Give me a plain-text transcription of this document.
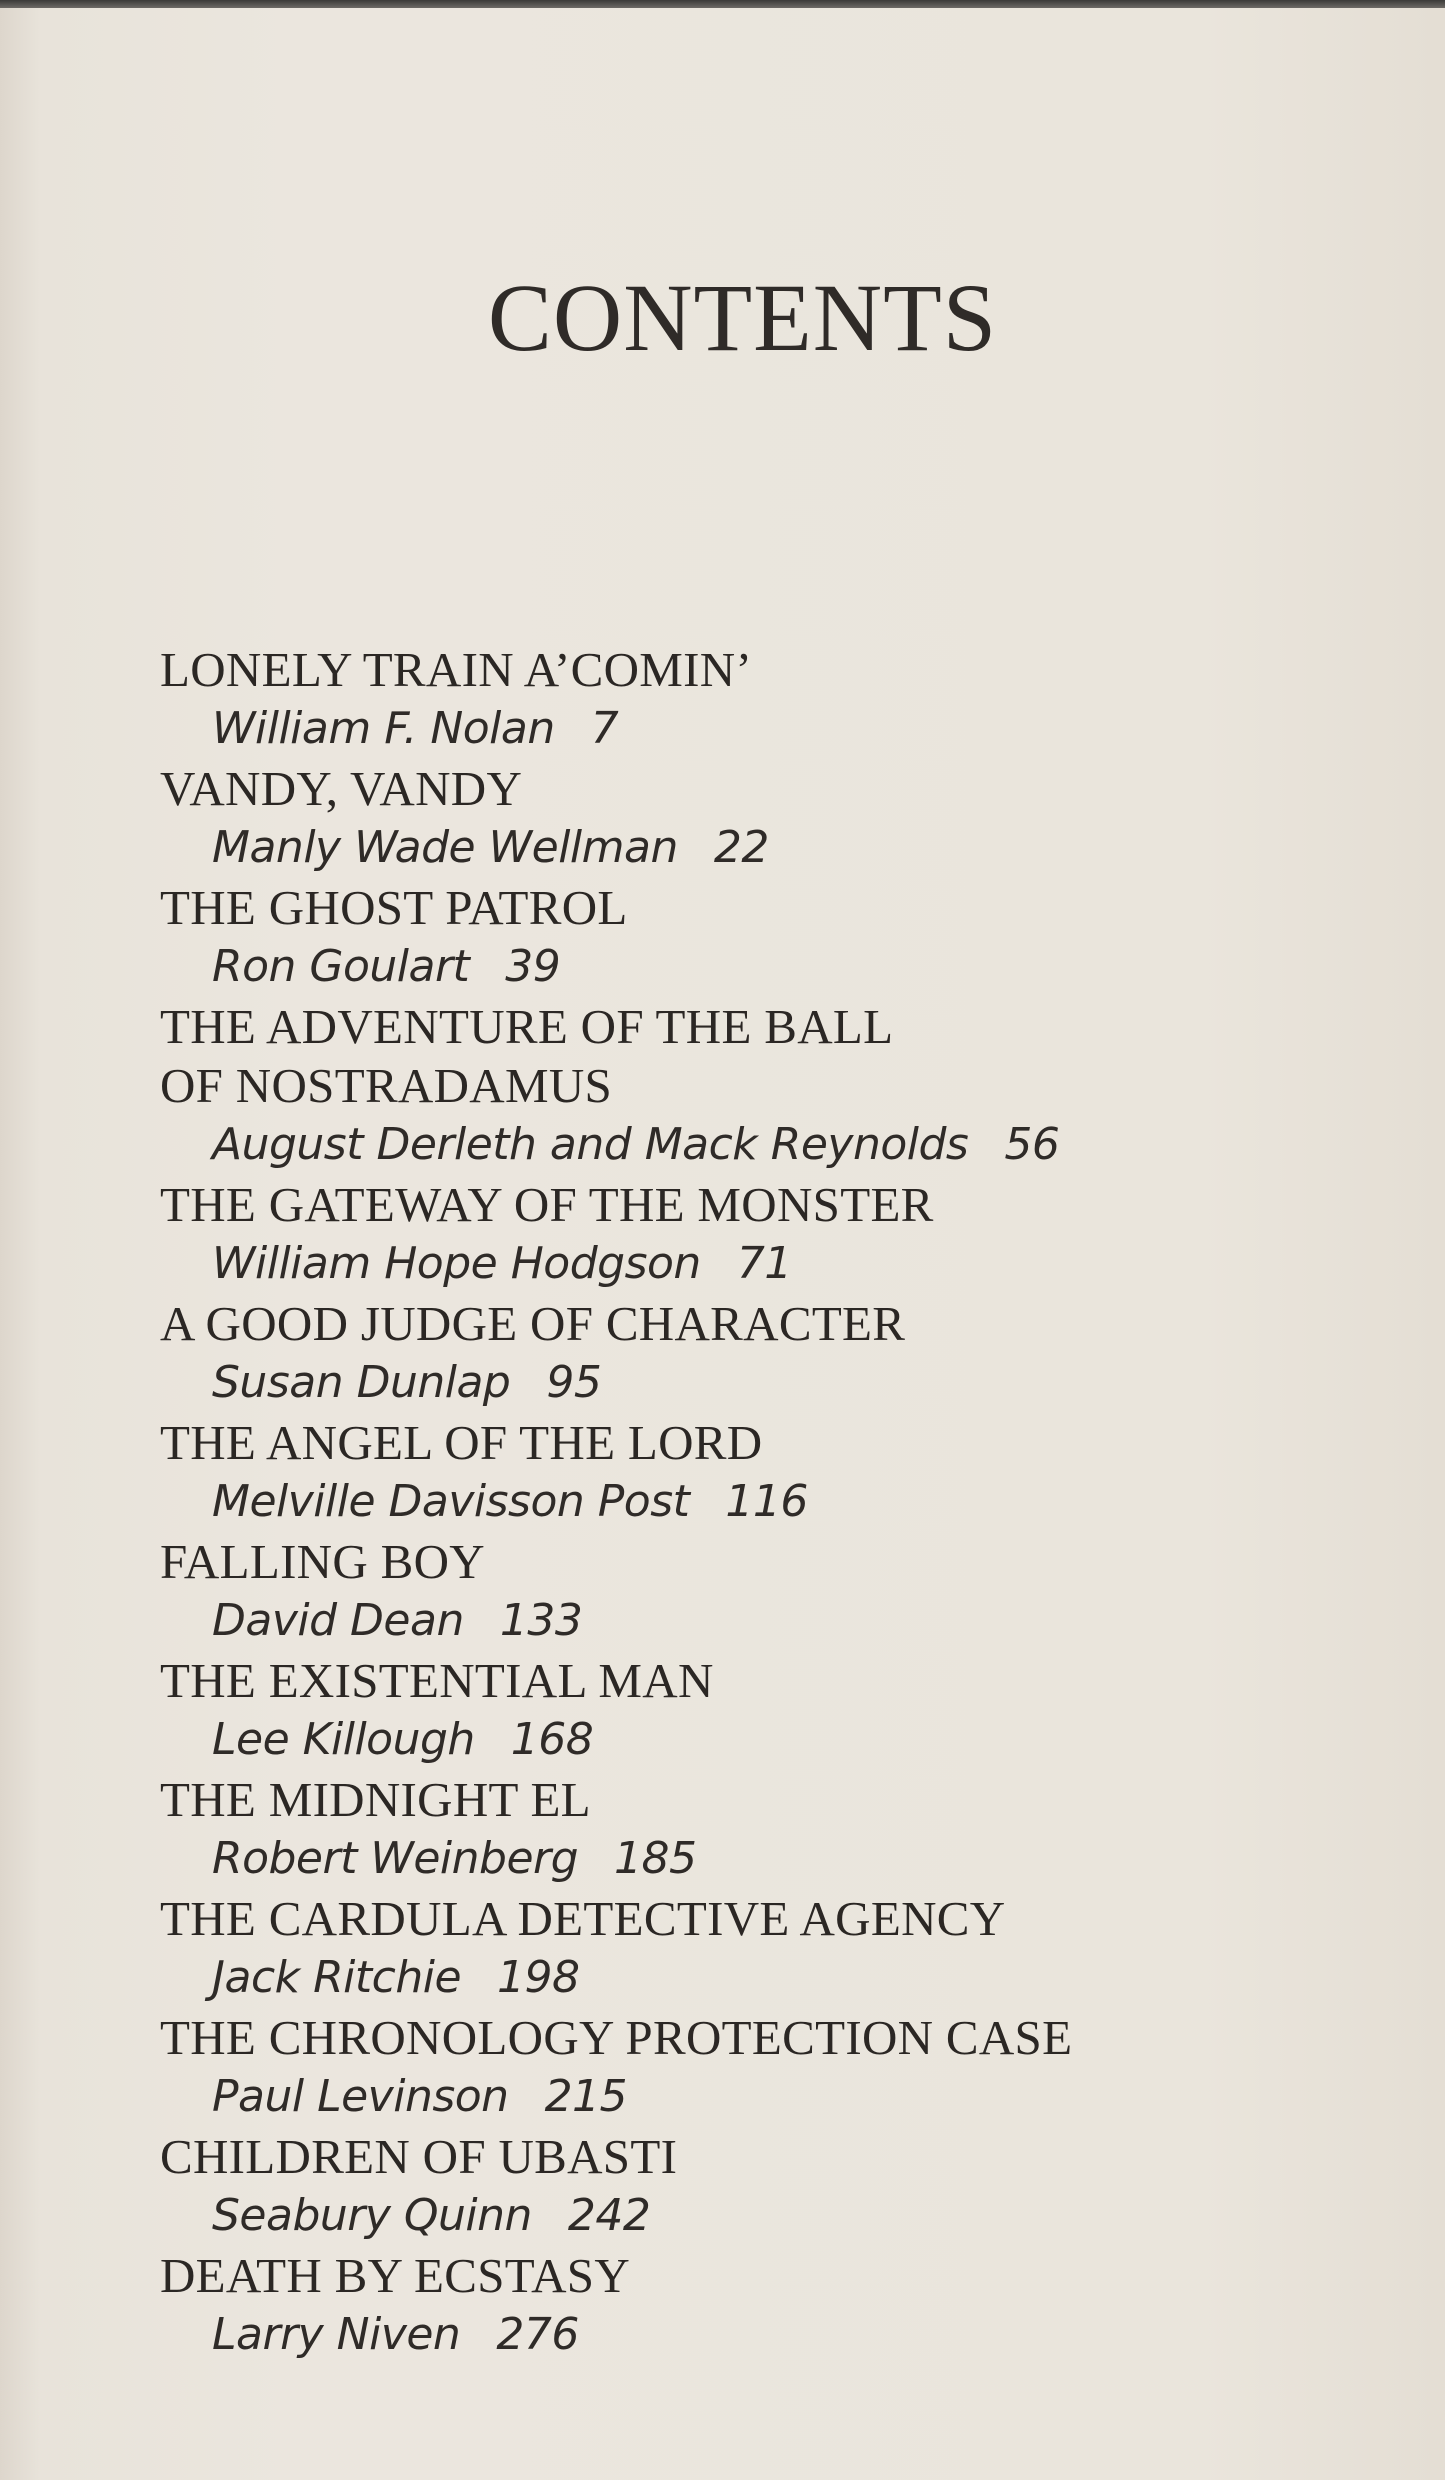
CONTENTS
LONELY TRAIN A’COMIN’
William F. Nolan 7
VANDY, VANDY
Manly Wade Wellman 22
THE GHOST PATROL
Ron Goulart 39
THE ADVENTURE OF THE BALL
OF NOSTRADAMUS
August Derleth and Mack Reynolds 56
THE GATEWAY OF THE MONSTER
William Hope Hodgson 71
A GOOD JUDGE OF CHARACTER
Susan Dunlap 95
THE ANGEL OF THE LORD
Melville Davisson Post 116
FALLING BOY
David Dean 133
THE EXISTENTIAL MAN
Lee Killough 168
THE MIDNIGHT EL
Robert Weinberg 185
THE CARDULA DETECTIVE AGENCY
Jack Ritchie 198
THE CHRONOLOGY PROTECTION CASE
Paul Levinson 215
CHILDREN OF UBASTI
Seabury Quinn 242
DEATH BY ECSTASY
Larry Niven 276
